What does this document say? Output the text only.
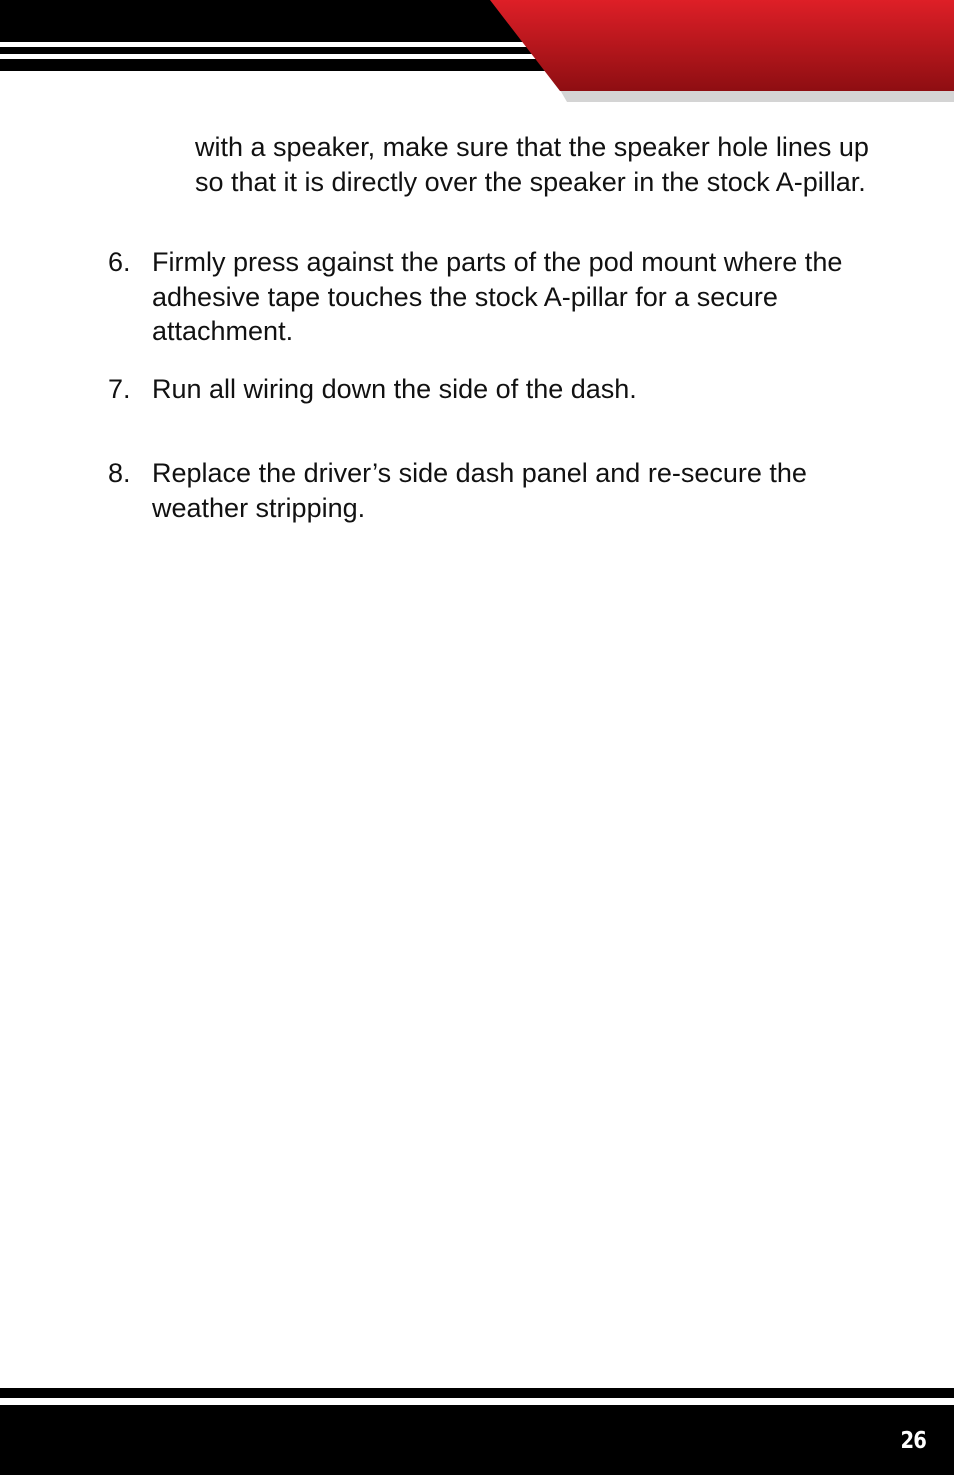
with a speaker, make sure that the speaker hole lines up so that it is directly over the speaker in the stock A-pillar.

6. Firmly press against the parts of the pod mount where the adhesive tape touches the stock A-pillar for a secure attachment.
7. Run all wiring down the side of the dash.
8. Replace the driver’s side dash panel and re-secure the weather stripping.
26
